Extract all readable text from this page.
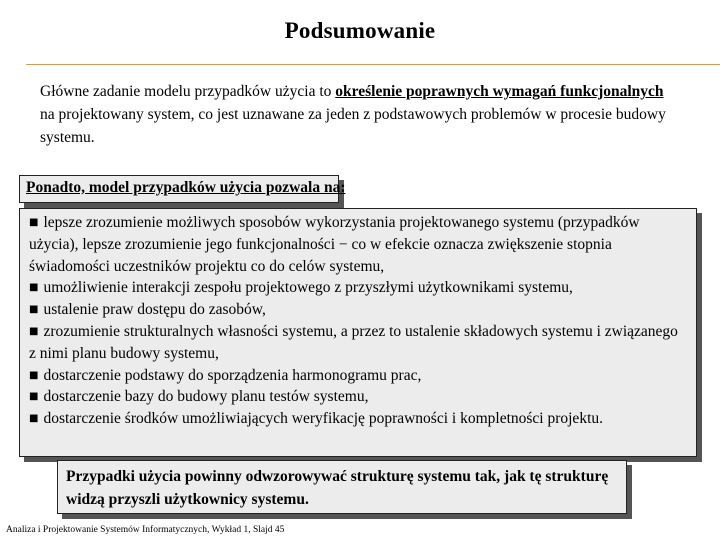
Podsumowanie
Główne zadanie modelu przypadków użycia to określenie poprawnych wymagań funkcjonalnych na projektowany system, co jest uznawane za jeden z podstawowych problemów w procesie budowy systemu.
Ponadto, model przypadków użycia pozwala na:
■ lepsze zrozumienie możliwych sposobów wykorzystania projektowanego systemu (przypadków użycia), lepsze zrozumienie jego funkcjonalności − co w efekcie oznacza zwiększenie stopnia świadomości uczestników projektu co do celów systemu,
■ umożliwienie interakcji zespołu projektowego z przyszłymi użytkownikami systemu,
■ ustalenie praw dostępu do zasobów,
■ zrozumienie strukturalnych własności systemu, a przez to ustalenie składowych systemu i związanego z nimi planu budowy systemu,
■ dostarczenie podstawy do sporządzenia harmonogramu prac,
■ dostarczenie bazy do budowy planu testów systemu,
■ dostarczenie środków umożliwiających weryfikację poprawności i kompletności projektu.
Przypadki użycia powinny odwzorowywać strukturę systemu tak, jak tę strukturę widzą przyszli użytkownicy systemu.
Analiza i Projektowanie Systemów Informatycznych, Wykład 1, Slajd 45
